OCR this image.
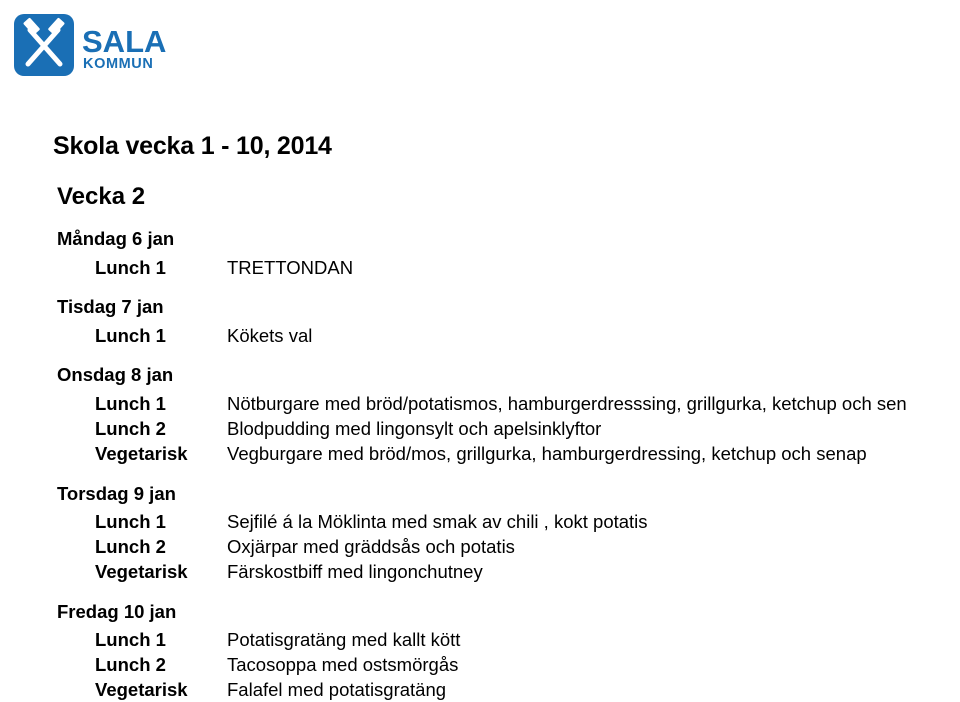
SALA
KOMMUN
Skola vecka 1 - 10, 2014
Vecka 2
Måndag 6 jan
Lunch 1	TRETTONDAN
Tisdag 7 jan
Lunch 1	Kökets val
Onsdag 8 jan
Lunch 1	Nötburgare med bröd/potatismos, hamburgerdresssing, grillgurka, ketchup och sen
Lunch 2	Blodpudding med lingonsylt och apelsinklyftor
Vegetarisk Vegburgare med bröd/mos, grillgurka, hamburgerdressing, ketchup och senap
Torsdag 9 jan
Lunch 1	Sejfilé á la Möklinta med smak av chili , kokt potatis
Lunch 2	Oxjärpar med gräddsås och potatis
Vegetarisk Färskostbiff med lingonchutney
Fredag 10 jan
Lunch 1	Potatisgratäng med kallt kött
Lunch 2	Tacosoppa med ostsmörgås
Vegetarisk Falafel med potatisgratäng
